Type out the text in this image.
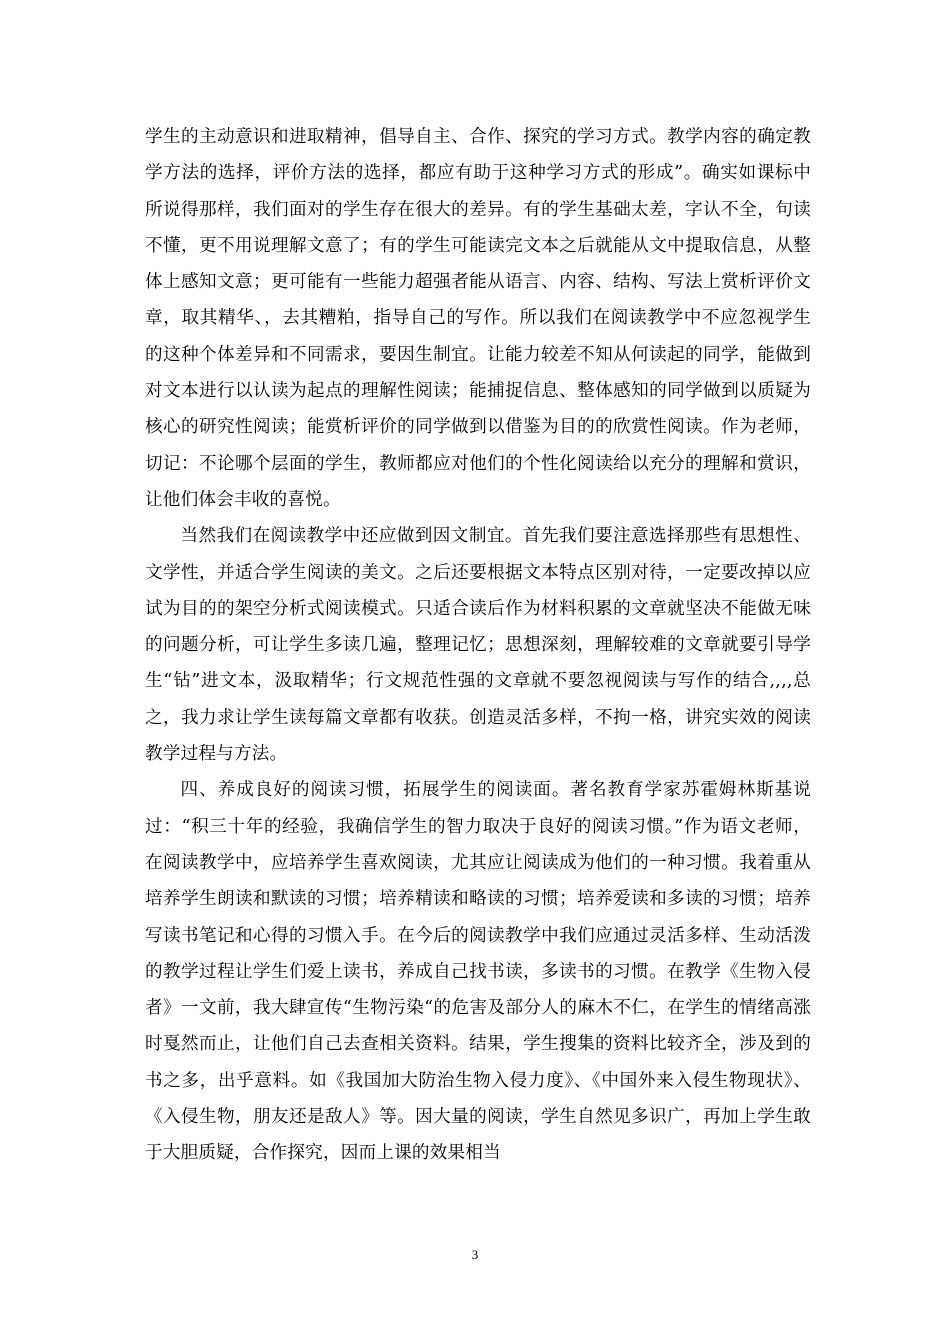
学生的主动意识和进取精神，倡导自主、合作、探究的学习方式。教学内容的确定教学方法的选择，评价方法的选择，都应有助于这种学习方式的形成”。确实如课标中所说得那样，我们面对的学生存在很大的差异。有的学生基础太差，字认不全，句读不懂，更不用说理解文意了；有的学生可能读完文本之后就能从文中提取信息，从整体上感知文意；更可能有一些能力超强者能从语言、内容、结构、写法上赏析评价文章，取其精华、，去其糟粕，指导自己的写作。所以我们在阅读教学中不应忽视学生的这种个体差异和不同需求，要因生制宜。让能力较差不知从何读起的同学，能做到对文本进行以认读为起点的理解性阅读；能捕捉信息、整体感知的同学做到以质疑为核心的研究性阅读；能赏析评价的同学做到以借鉴为目的的欣赏性阅读。作为老师，切记：不论哪个层面的学生，教师都应对他们的个性化阅读给以充分的理解和赏识，让他们体会丰收的喜悦。

当然我们在阅读教学中还应做到因文制宜。首先我们要注意选择那些有思想性、文学性，并适合学生阅读的美文。之后还要根据文本特点区别对待，一定要改掉以应试为目的的架空分析式阅读模式。只适合读后作为材料积累的文章就坚决不能做无味的问题分析，可让学生多读几遍，整理记忆；思想深刻，理解较难的文章就要引导学生“钻”进文本，汲取精华；行文规范性强的文章就不要忽视阅读与写作的结合,,,,总之，我力求让学生读每篇文章都有收获。创造灵活多样，不拘一格，讲究实效的阅读教学过程与方法。

四、养成良好的阅读习惯，拓展学生的阅读面。著名教育学家苏霍姆林斯基说过：“积三十年的经验，我确信学生的智力取决于良好的阅读习惯。”作为语文老师，在阅读教学中，应培养学生喜欢阅读，尤其应让阅读成为他们的一种习惯。我着重从培养学生朗读和默读的习惯；培养精读和略读的习惯；培养爱读和多读的习惯；培养写读书笔记和心得的习惯入手。在今后的阅读教学中我们应通过灵活多样、生动活泼的教学过程让学生们爱上读书，养成自己找书读，多读书的习惯。在教学《生物入侵者》一文前，我大肆宣传“生物污染“的危害及部分人的麻木不仁，在学生的情绪高涨时戛然而止，让他们自己去查相关资料。结果，学生搜集的资料比较齐全，涉及到的书之多，出乎意料。如《我国加大防治生物入侵力度》、《中国外来入侵生物现状》、《入侵生物，朋友还是敌人》等。因大量的阅读，学生自然见多识广，再加上学生敢于大胆质疑，合作探究，因而上课的效果相当

3
